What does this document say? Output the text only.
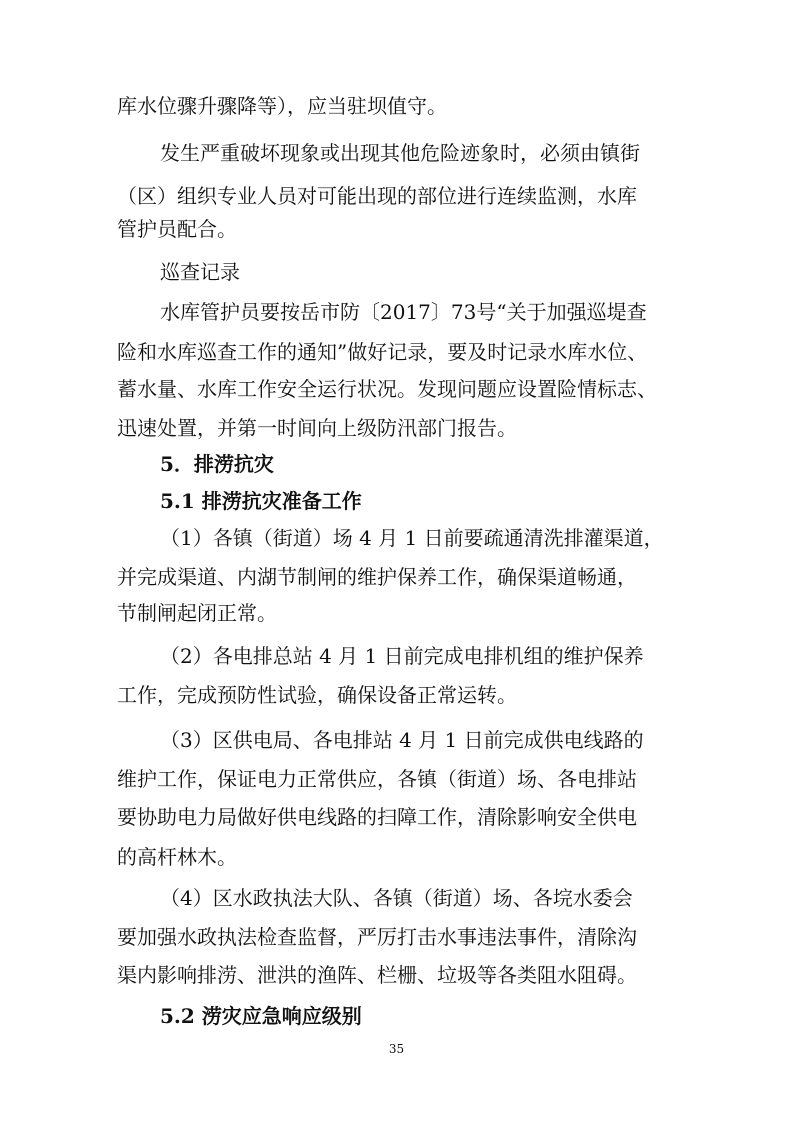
库水位骤升骤降等），应当驻坝值守。
发生严重破坏现象或出现其他危险迹象时，必须由镇街
（区）组织专业人员对可能出现的部位进行连续监测，水库
管护员配合。
巡查记录
水库管护员要按岳市防〔2017〕73号“关于加强巡堤查
险和水库巡查工作的通知”做好记录，要及时记录水库水位、
蓄水量、水库工作安全运行状况。发现问题应设置险情标志、
迅速处置，并第一时间向上级防汛部门报告。
5．排涝抗灾
5.1 排涝抗灾准备工作
（1）各镇（街道）场 4 月 1 日前要疏通清洗排灌渠道，
并完成渠道、内湖节制闸的维护保养工作，确保渠道畅通，
节制闸起闭正常。
（2）各电排总站 4 月 1 日前完成电排机组的维护保养
工作，完成预防性试验，确保设备正常运转。
（3）区供电局、各电排站 4 月 1 日前完成供电线路的
维护工作，保证电力正常供应，各镇（街道）场、各电排站
要协助电力局做好供电线路的扫障工作，清除影响安全供电
的高杆林木。
（4）区水政执法大队、各镇（街道）场、各垸水委会
要加强水政执法检查监督，严厉打击水事违法事件，清除沟
渠内影响排涝、泄洪的渔阵、栏栅、垃圾等各类阻水阻碍。
5.2 涝灾应急响应级别
35
